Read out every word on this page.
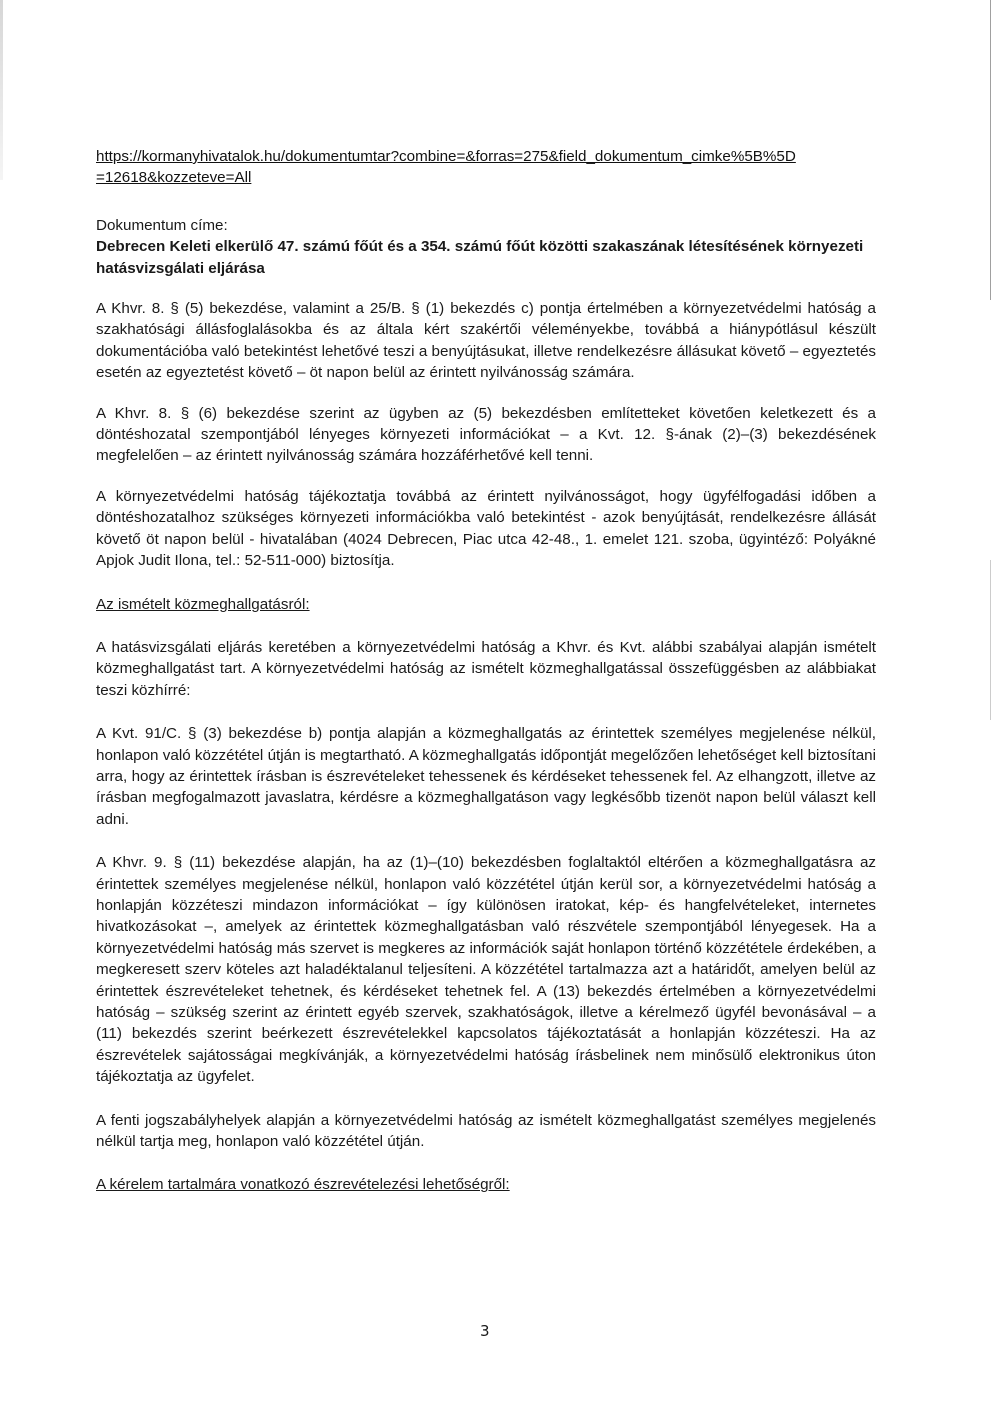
https://kormanyhivatalok.hu/dokumentumtar?combine=&forras=275&field_dokumentum_cimke%5B%5D
=12618&kozzeteve=All
Dokumentum címe:

Debrecen Keleti elkerülő 47. számú főút és a 354. számú főút közötti szakaszának létesítésének környezeti hatásvizsgálati eljárása

A Khvr. 8. § (5) bekezdése, valamint a 25/B. § (1) bekezdés c) pontja értelmében a környezetvédelmi hatóság a szakhatósági állásfoglalásokba és az általa kért szakértői véleményekbe, továbbá a hiánypótlásul készült dokumentációba való betekintést lehetővé teszi a benyújtásukat, illetve rendelkezésre állásukat követő – egyeztetés esetén az egyeztetést követő – öt napon belül az érintett nyilvánosság számára.

A Khvr. 8. § (6) bekezdése szerint az ügyben az (5) bekezdésben említetteket követően keletkezett és a döntéshozatal szempontjából lényeges környezeti információkat – a Kvt. 12. §-ának (2)–(3) bekezdésének megfelelően – az érintett nyilvánosság számára hozzáférhetővé kell tenni.

A környezetvédelmi hatóság tájékoztatja továbbá az érintett nyilvánosságot, hogy ügyfélfogadási időben a döntéshozatalhoz szükséges környezeti információkba való betekintést - azok benyújtását, rendelkezésre állását követő öt napon belül - hivatalában (4024 Debrecen, Piac utca 42-48., 1. emelet 121. szoba, ügyintéző: Polyákné Apjok Judit Ilona, tel.: 52-511-000) biztosítja.

Az ismételt közmeghallgatásról:

A hatásvizsgálati eljárás keretében a környezetvédelmi hatóság a Khvr. és Kvt. alábbi szabályai alapján ismételt közmeghallgatást tart. A környezetvédelmi hatóság az ismételt közmeghallgatással összefüggésben az alábbiakat teszi közhírré:

A Kvt. 91/C. § (3) bekezdése b) pontja alapján a közmeghallgatás az érintettek személyes megjelenése nélkül, honlapon való közzététel útján is megtartható. A közmeghallgatás időpontját megelőzően lehetőséget kell biztosítani arra, hogy az érintettek írásban is észrevételeket tehessenek és kérdéseket tehessenek fel. Az elhangzott, illetve az írásban megfogalmazott javaslatra, kérdésre a közmeghallgatáson vagy legkésőbb tizenöt napon belül választ kell adni.

A Khvr. 9. § (11) bekezdése alapján, ha az (1)–(10) bekezdésben foglaltaktól eltérően a közmeghallgatásra az érintettek személyes megjelenése nélkül, honlapon való közzététel útján kerül sor, a környezetvédelmi hatóság a honlapján közzéteszi mindazon információkat – így különösen iratokat, kép- és hangfelvételeket, internetes hivatkozásokat –, amelyek az érintettek közmeghallgatásban való részvétele szempontjából lényegesek. Ha a környezetvédelmi hatóság más szervet is megkeres az információk saját honlapon történő közzététele érdekében, a megkeresett szerv köteles azt haladéktalanul teljesíteni. A közzététel tartalmazza azt a határidőt, amelyen belül az érintettek észrevételeket tehetnek, és kérdéseket tehetnek fel. A (13) bekezdés értelmében a környezetvédelmi hatóság – szükség szerint az érintett egyéb szervek, szakhatóságok, illetve a kérelmező ügyfél bevonásával – a (11) bekezdés szerint beérkezett észrevételekkel kapcsolatos tájékoztatását a honlapján közzéteszi. Ha az észrevételek sajátosságai megkívánják, a környezetvédelmi hatóság írásbelinek nem minősülő elektronikus úton tájékoztatja az ügyfelet.

A fenti jogszabályhelyek alapján a környezetvédelmi hatóság az ismételt közmeghallgatást személyes megjelenés nélkül tartja meg, honlapon való közzététel útján.

A kérelem tartalmára vonatkozó észrevételezési lehetőségről:

3
